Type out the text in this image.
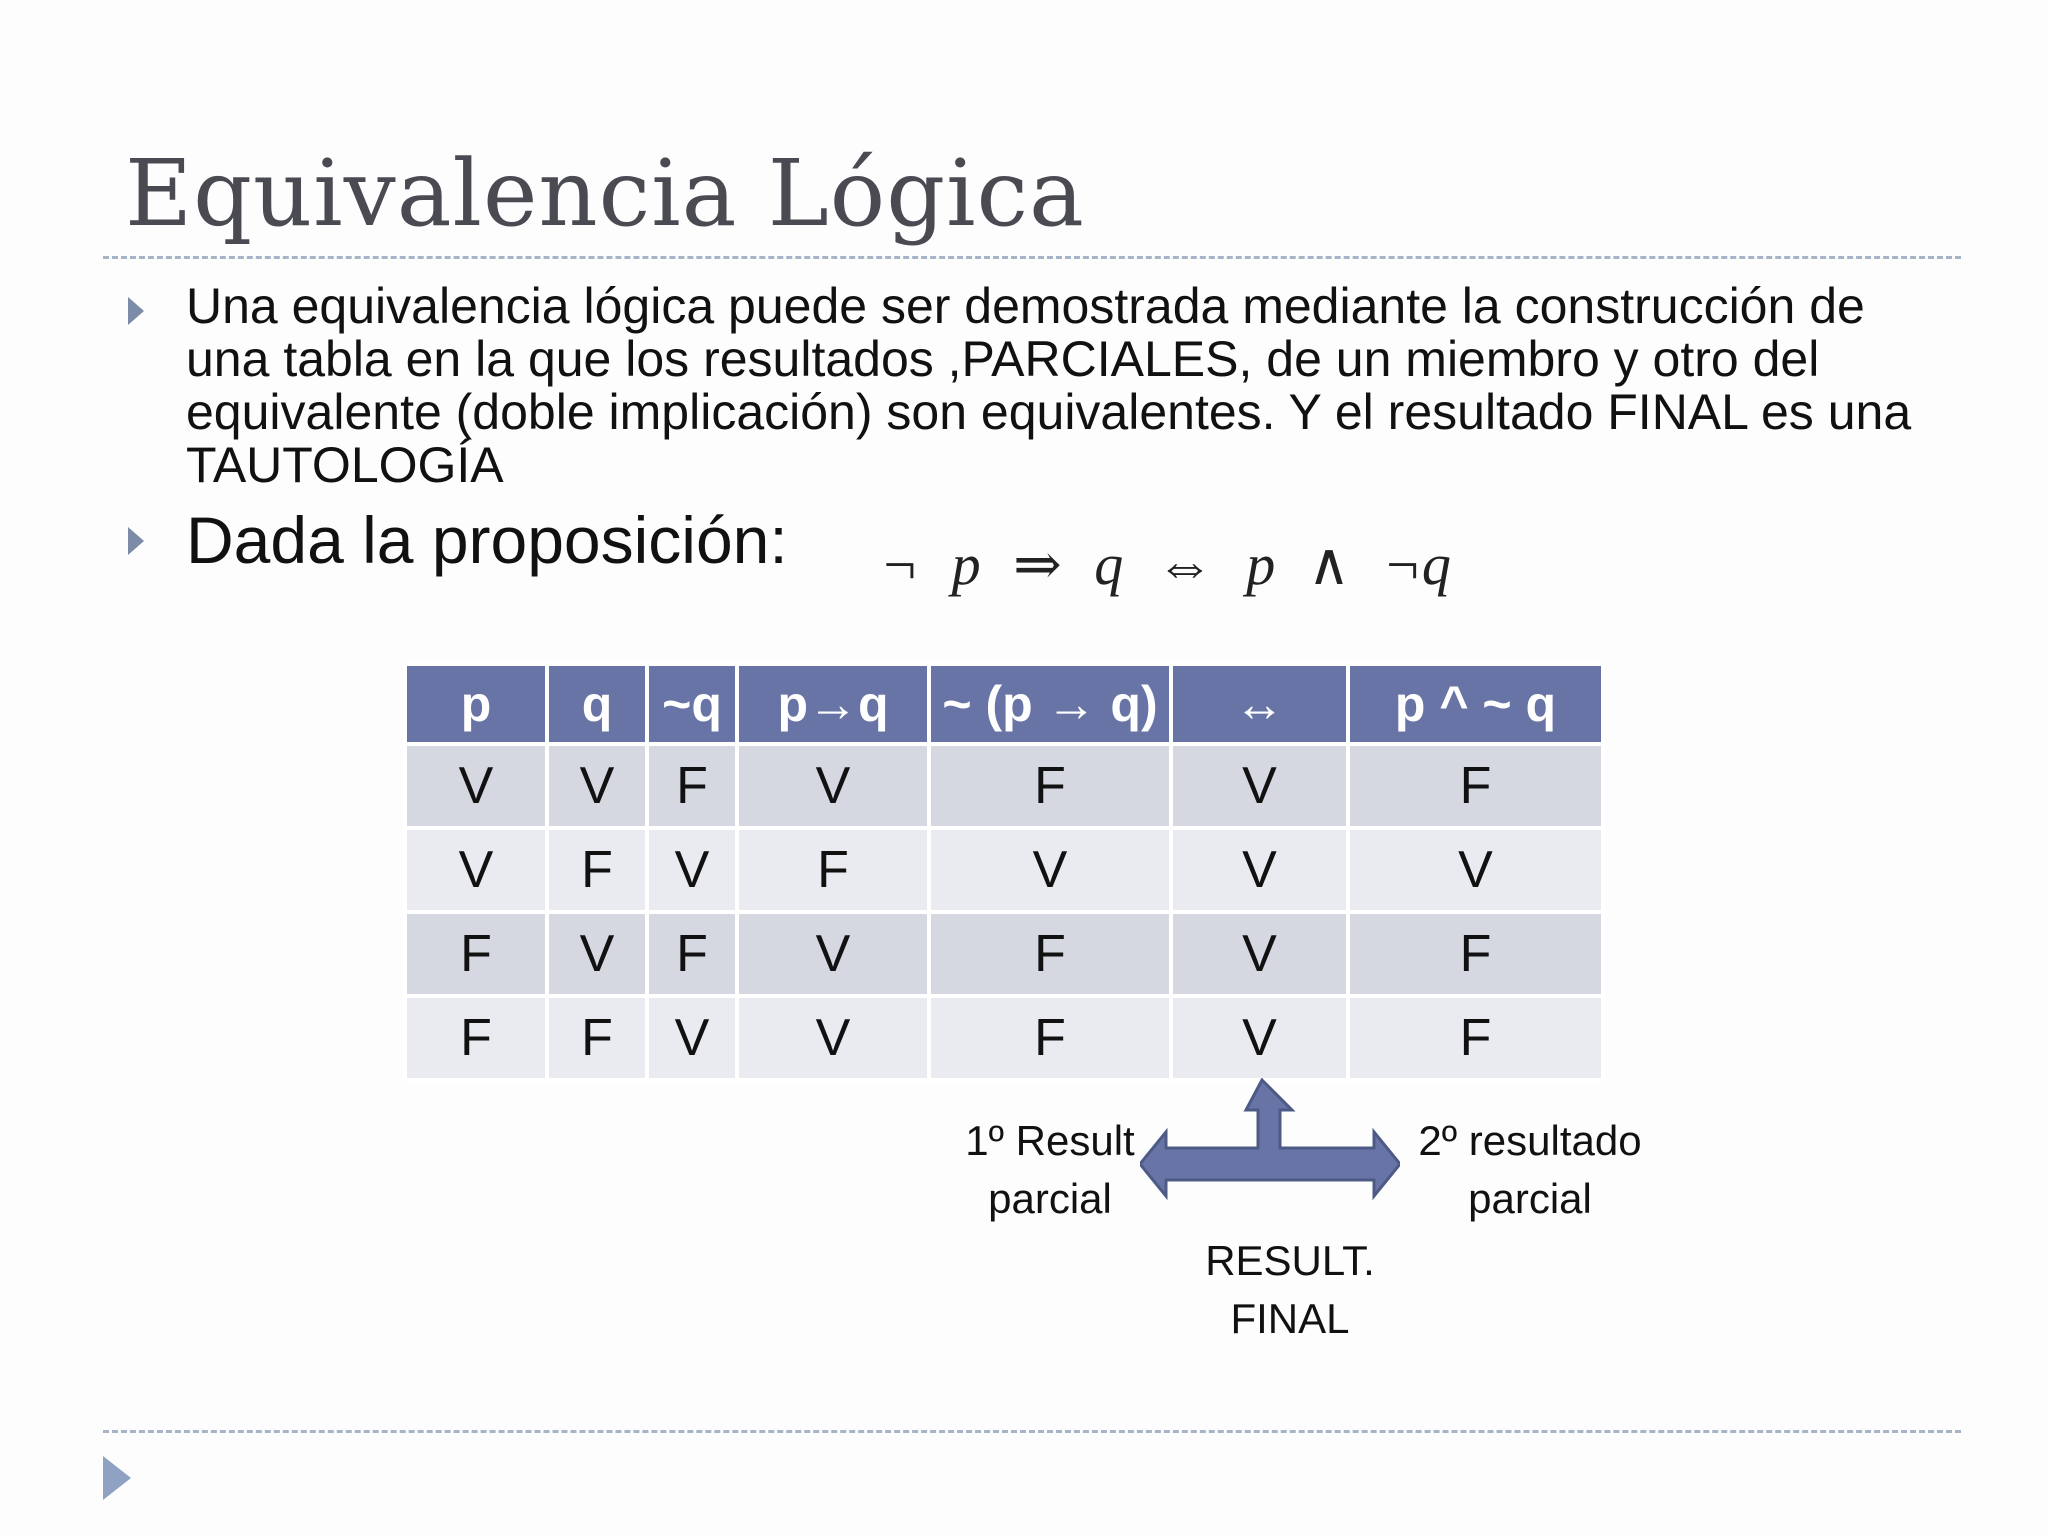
Equivalencia Lógica

Una equivalencia lógica puede ser demostrada mediante la construcción de una tabla en la que los resultados ,PARCIALES, de un miembro y otro del equivalente (doble implicación) son equivalentes. Y el resultado FINAL es una TAUTOLOGÍA

Dada la proposición: ¬ p ⇒ q ⇔ p ∧ ¬q
p	q	~q	p→q	~ (p → q)	↔	p ^ ~ q
V	V	F	V	F	V	F
V	F	V	F	V	V	V
F	V	F	V	F	V	F
F	F	V	V	F	V	F
1º Result
parcial
2º resultado
parcial
RESULT.
FINAL
